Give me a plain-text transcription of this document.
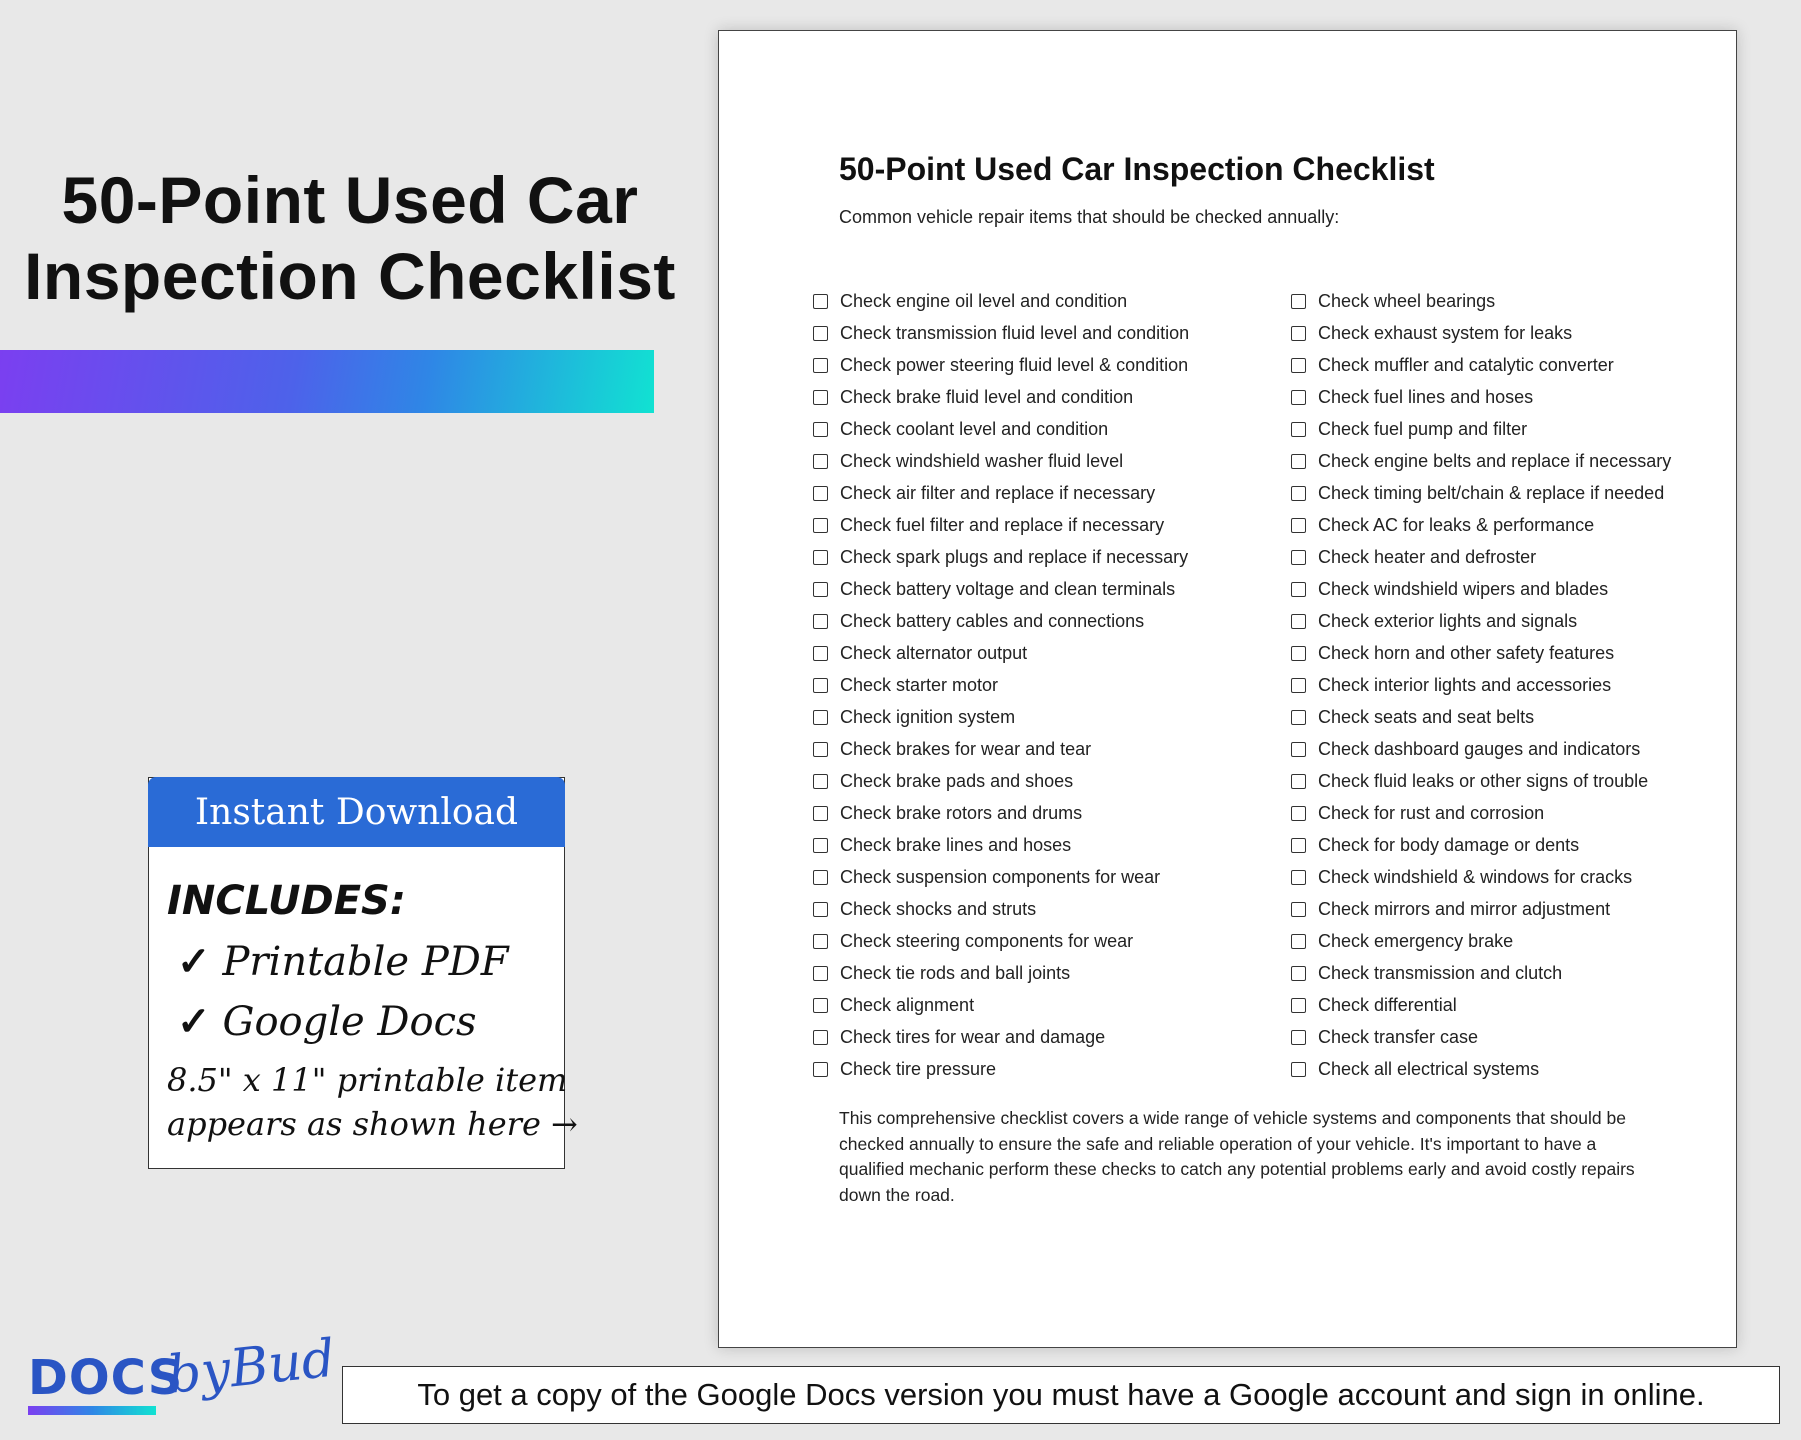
50-Point Used Car
Inspection Checklist
Instant Download
INCLUDES:
✓ Printable PDF
✓ Google Docs
8.5" x 11" printable item
appears as shown here →
50-Point Used Car Inspection Checklist
Common vehicle repair items that should be checked annually:
Check engine oil level and condition
Check transmission fluid level and condition
Check power steering fluid level & condition
Check brake fluid level and condition
Check coolant level and condition
Check windshield washer fluid level
Check air filter and replace if necessary
Check fuel filter and replace if necessary
Check spark plugs and replace if necessary
Check battery voltage and clean terminals
Check battery cables and connections
Check alternator output
Check starter motor
Check ignition system
Check brakes for wear and tear
Check brake pads and shoes
Check brake rotors and drums
Check brake lines and hoses
Check suspension components for wear
Check shocks and struts
Check steering components for wear
Check tie rods and ball joints
Check alignment
Check tires for wear and damage
Check tire pressure
Check wheel bearings
Check exhaust system for leaks
Check muffler and catalytic converter
Check fuel lines and hoses
Check fuel pump and filter
Check engine belts and replace if necessary
Check timing belt/chain & replace if needed
Check AC for leaks & performance
Check heater and defroster
Check windshield wipers and blades
Check exterior lights and signals
Check horn and other safety features
Check interior lights and accessories
Check seats and seat belts
Check dashboard gauges and indicators
Check fluid leaks or other signs of trouble
Check for rust and corrosion
Check for body damage or dents
Check windshield & windows for cracks
Check mirrors and mirror adjustment
Check emergency brake
Check transmission and clutch
Check differential
Check transfer case
Check all electrical systems
This comprehensive checklist covers a wide range of vehicle systems and components that should be checked annually to ensure the safe and reliable operation of your vehicle. It's important to have a qualified mechanic perform these checks to catch any potential problems early and avoid costly repairs down the road.
DOCS
byBud	To get a copy of the Google Docs version you must have a Google account and sign in online.
